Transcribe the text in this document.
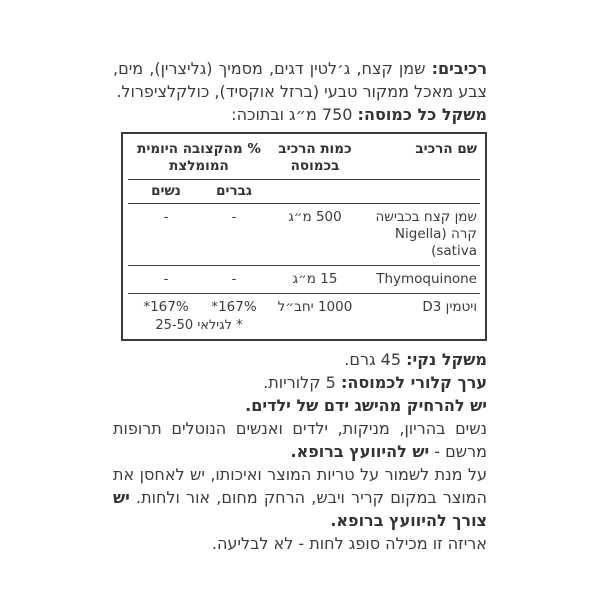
רכיבים: שמן קצח, ג׳לטין דגים, מסמיך (גליצרין), מים, צבע מאכל ממקור טבעי (ברזל אוקסיד), כולקלציפרול.

משקל כל כמוסה: 750 מ״ג ובתוכה:

שם הרכיב
כמות הרכיב בכמוסה
% מהקצובה היומית המומלצת
גברים
נשים
שמן קצח בכבישה קרה (Nigella sativa)
500 מ״ג
-
-
Thymoquinone
15 מ״ג
-
-
ויטמין D3
1000 יחב״ל
*167%
*167%
* לגילאי 25-50

משקל נקי: 45 גרם.

ערך קלורי לכמוסה: 5 קלוריות.

יש להרחיק מהישג ידם של ילדים.

נשים בהריון, מניקות, ילדים ואנשים הנוטלים תרופות מרשם - יש להיוועץ ברופא.

על מנת לשמור על טריות המוצר ואיכותו, יש לאחסן את המוצר במקום קריר ויבש, הרחק מחום, אור ולחות. יש צורך להיוועץ ברופא.

אריזה זו מכילה סופג לחות - לא לבליעה.
